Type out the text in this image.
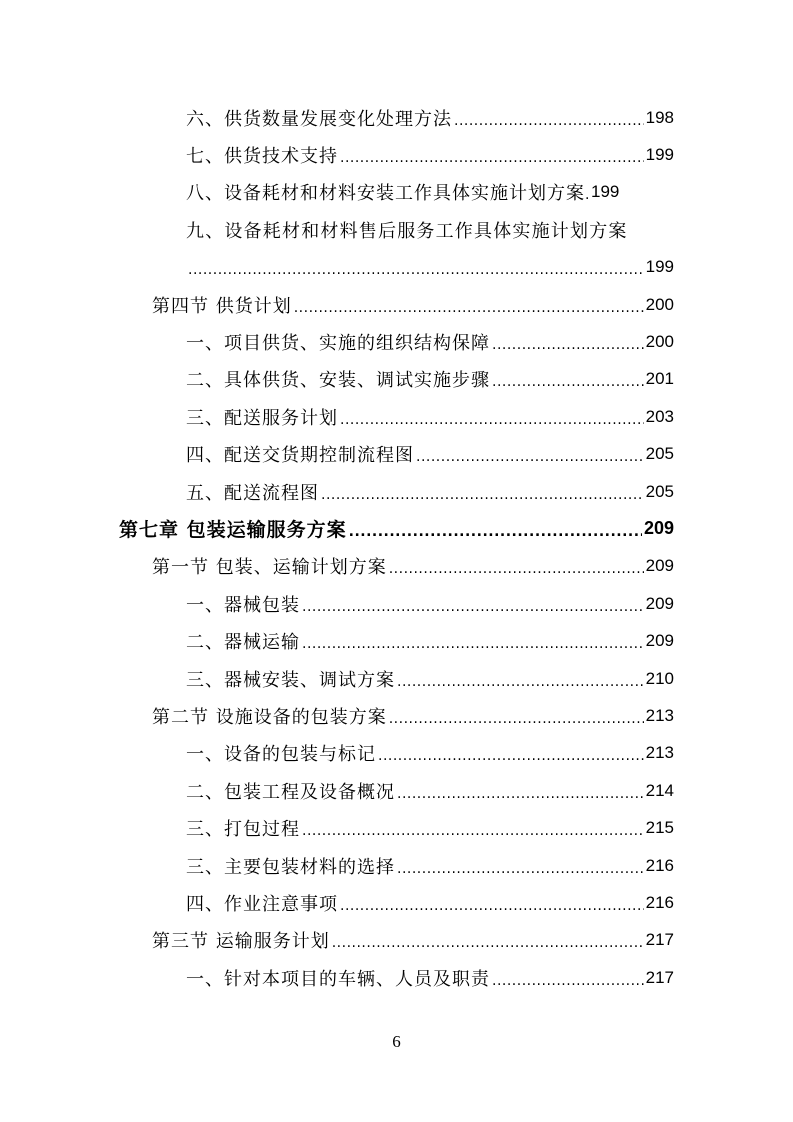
六、供货数量发展变化处理方法 .....	198
七、供货技术支持 .....	199
八、设备耗材和材料安装工作具体实施计划方案 ..... 199
九、设备耗材和材料售后服务工作具体实施计划方案
.....
199
第四节 供货计划 .....	200
一、项目供货、实施的组织结构保障 .....	200
二、具体供货、安装、调试实施步骤 .....	201
三、配送服务计划 .....	203
四、配送交货期控制流程图 .....	205
五、配送流程图 .....	205
第七章 包装运输服务方案 .....	209
第一节 包装、运输计划方案 .....	209
一、器械包装 .....	209
二、器械运输 .....	209
三、器械安装、调试方案 .....	210
第二节 设施设备的包装方案 .....	213
一、设备的包装与标记 .....	213
二、包装工程及设备概况 .....	214
三、打包过程 .....	215
三、主要包装材料的选择 .....	216
四、作业注意事项 .....	216
第三节 运输服务计划 .....	217
一、针对本项目的车辆、人员及职责 .....	217
6
